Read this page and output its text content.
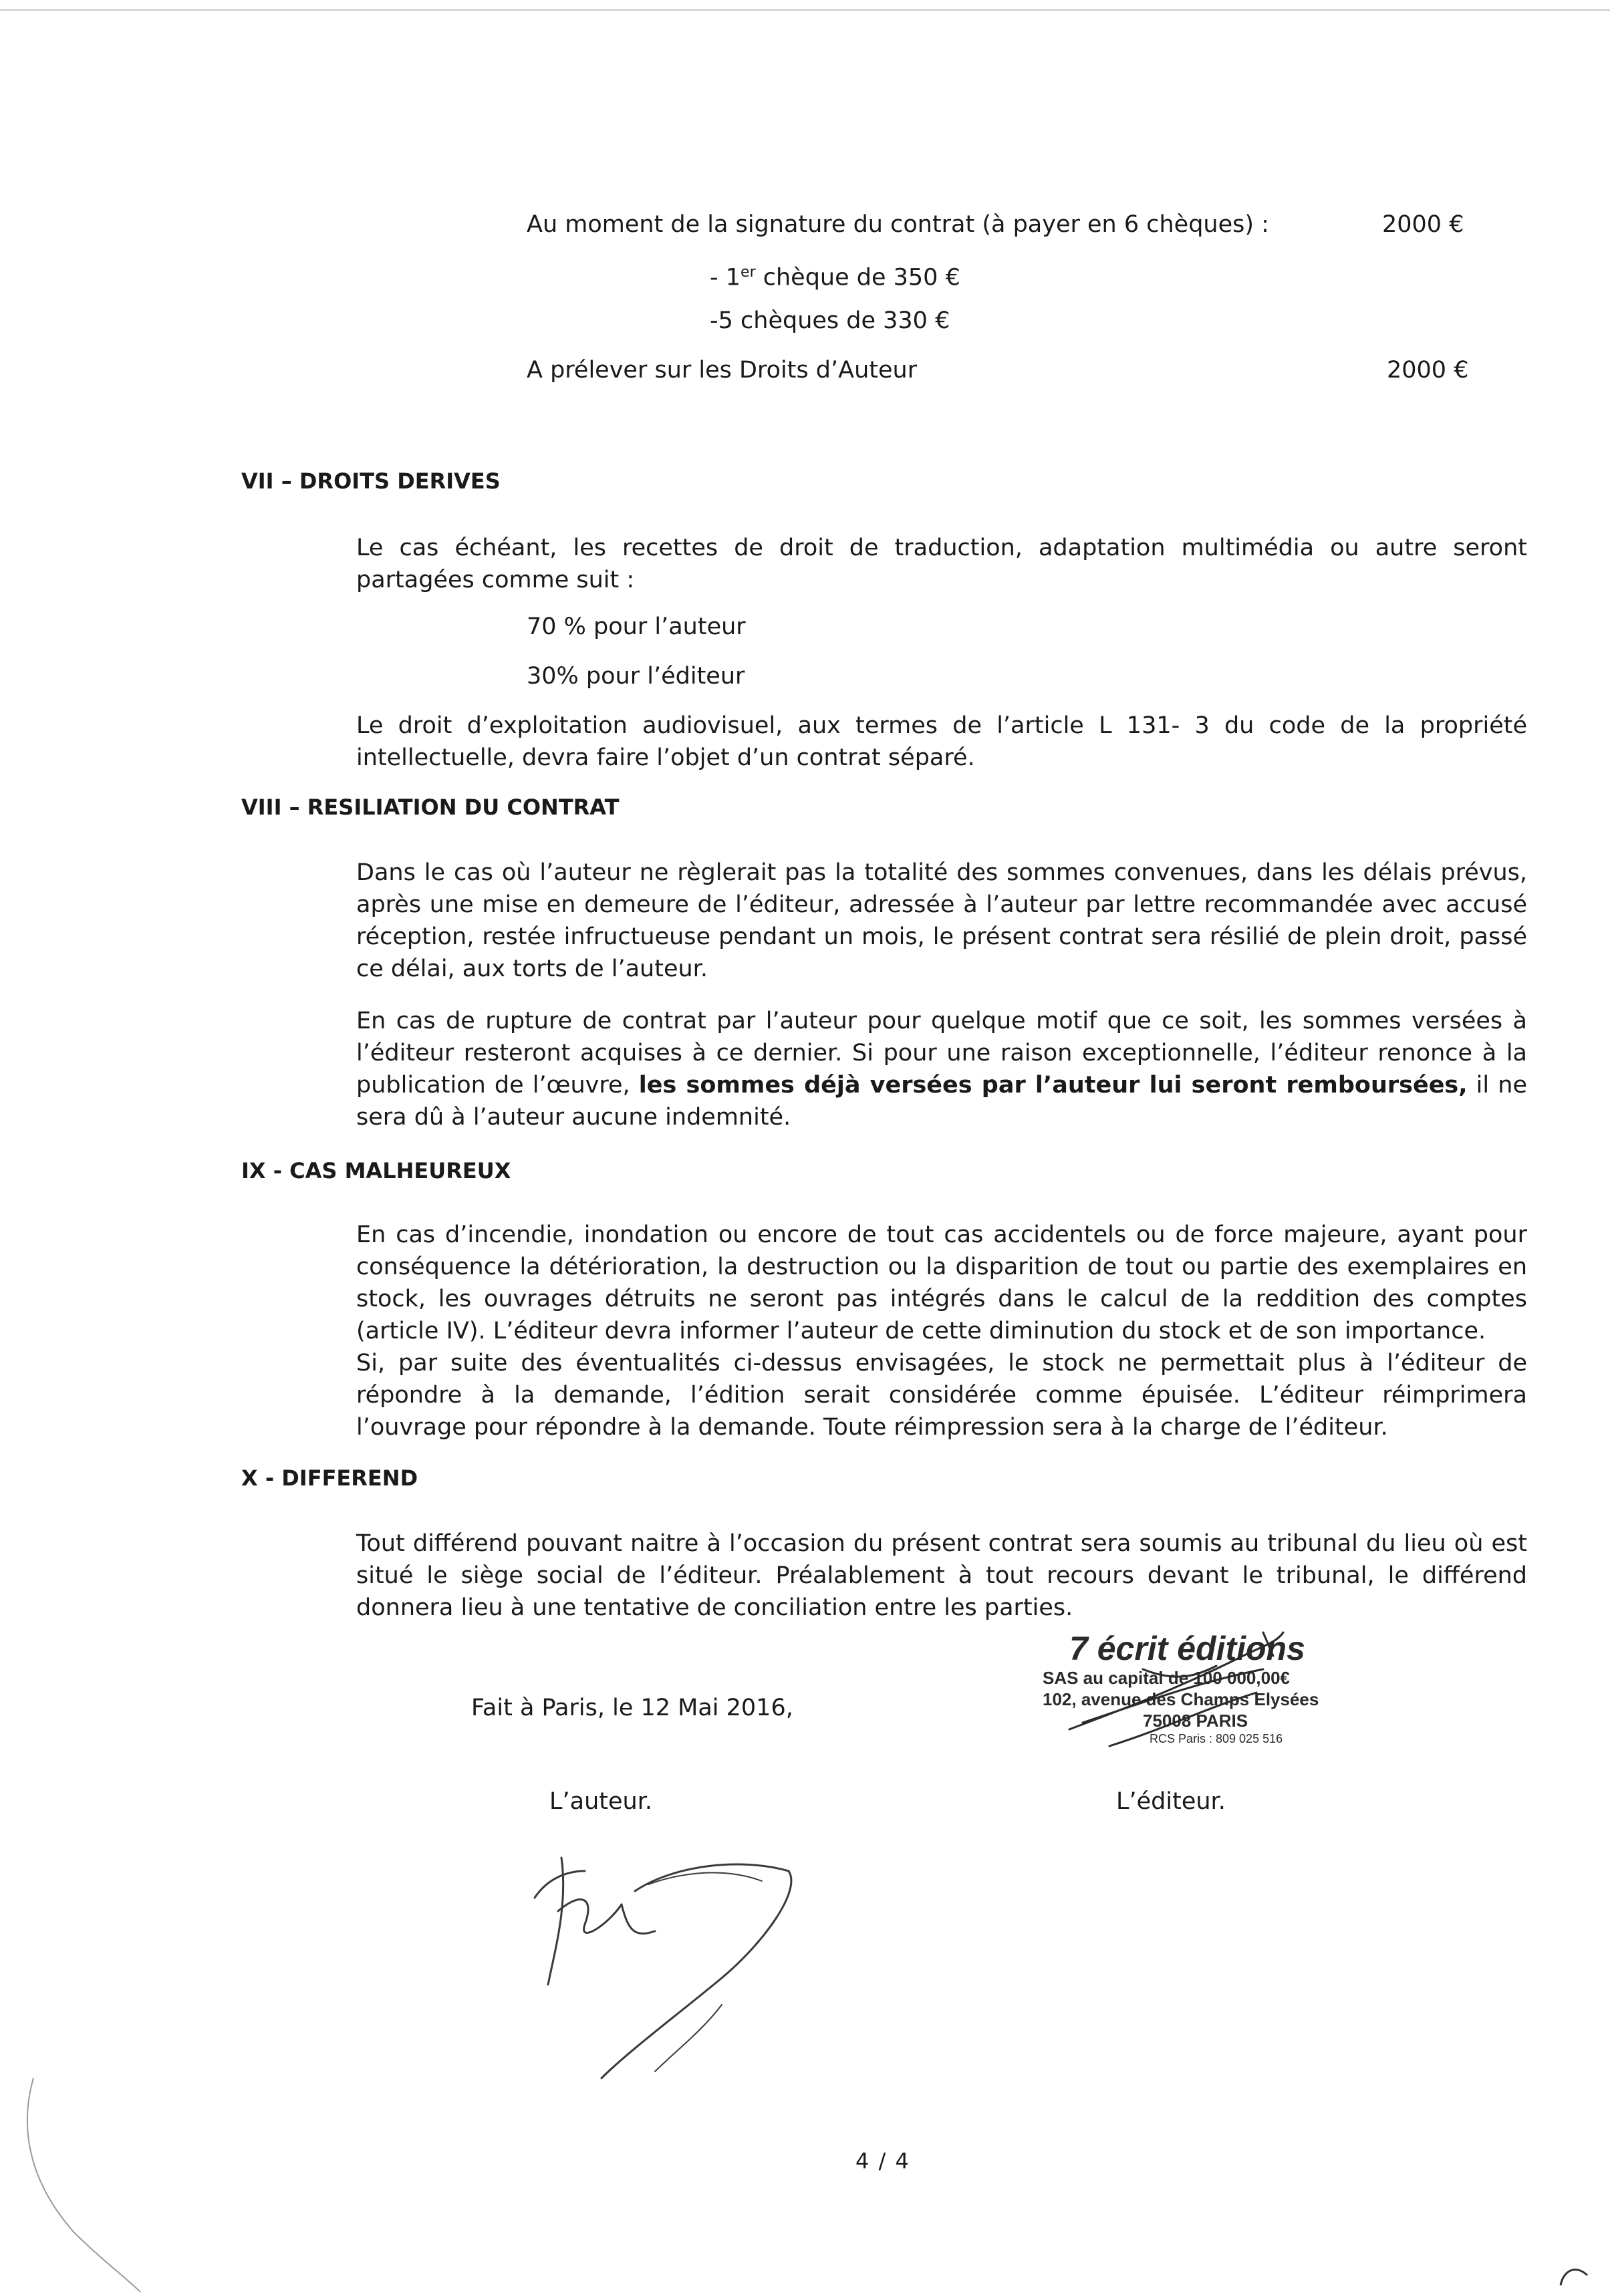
Au moment de la signature du contrat (à payer en 6 chèques) :	2000 €
- 1er chèque de 350 €
-5 chèques de 330 €
A prélever sur les Droits d’Auteur	2000 €
VII – DROITS DERIVES
Le cas échéant, les recettes de droit de traduction, adaptation multimédia ou autre seront partagées comme suit :
70 % pour l’auteur
30% pour l’éditeur
Le droit d’exploitation audiovisuel, aux termes de l’article L 131- 3 du code de la propriété intellectuelle, devra faire l’objet d’un contrat séparé.
VIII – RESILIATION DU CONTRAT
Dans le cas où l’auteur ne règlerait pas la totalité des sommes convenues, dans les délais prévus, après une mise en demeure de l’éditeur, adressée à l’auteur par lettre recommandée avec accusé réception, restée infructueuse pendant un mois, le présent contrat sera résilié de plein droit, passé ce délai, aux torts de l’auteur.
En cas de rupture de contrat par l’auteur pour quelque motif que ce soit, les sommes versées à l’éditeur resteront acquises à ce dernier. Si pour une raison exceptionnelle, l’éditeur renonce à la publication de l’œuvre, les sommes déjà versées par l’auteur lui seront remboursées, il ne sera dû à l’auteur aucune indemnité.
IX - CAS MALHEUREUX
En cas d’incendie, inondation ou encore de tout cas accidentels ou de force majeure, ayant pour conséquence la détérioration, la destruction ou la disparition de tout ou partie des exemplaires en stock, les ouvrages détruits ne seront pas intégrés dans le calcul de la reddition des comptes (article IV). L’éditeur devra informer l’auteur de cette diminution du stock et de son importance.
Si, par suite des éventualités ci-dessus envisagées, le stock ne permettait plus à l’éditeur de répondre à la demande, l’édition serait considérée comme épuisée. L’éditeur réimprimera l’ouvrage pour répondre à la demande. Toute réimpression sera à la charge de l’éditeur.
X - DIFFEREND
Tout différend pouvant naitre à l’occasion du présent contrat sera soumis au tribunal du lieu où est situé le siège social de l’éditeur. Préalablement à tout recours devant le tribunal, le différend donnera lieu à une tentative de conciliation entre les parties.
Fait à Paris, le 12 Mai 2016,
L’auteur.	L’éditeur.
7 écrit éditions
SAS au capital de 100 000,00€
102, avenue des Champs Elysées
75008 PARIS
RCS Paris : 809 025 516
4 / 4
